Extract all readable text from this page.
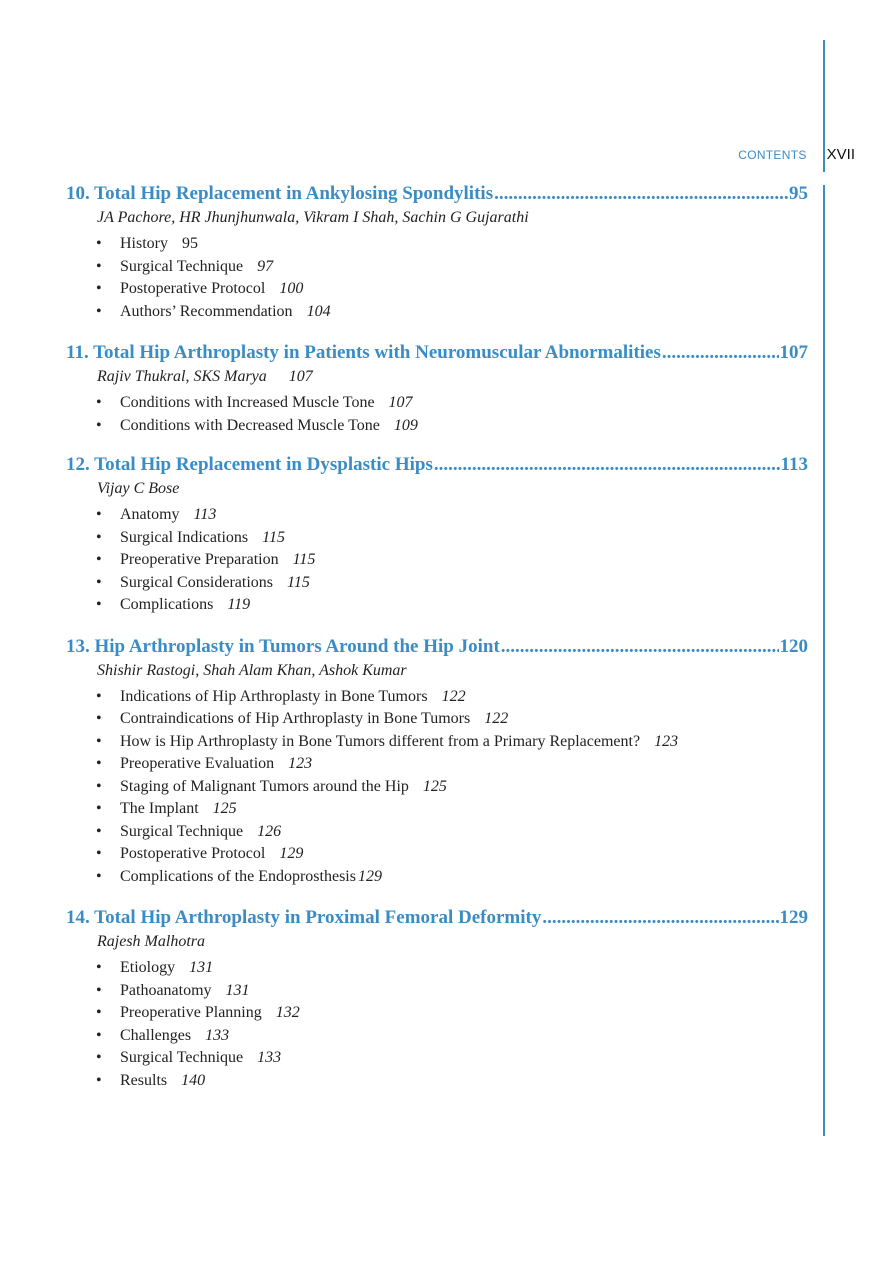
CONTENTS XVII
10. Total Hip Replacement in Ankylosing Spondylitis .....	95
JA Pachore, HR Jhunjhunwala, Vikram I Shah, Sachin G Gujarathi
• History 95
• Surgical Technique 97
• Postoperative Protocol 100
• Authors’ Recommendation 104
11. Total Hip Arthroplasty in Patients with Neuromuscular Abnormalities .....	107
Rajiv Thukral, SKS Marya 107
• Conditions with Increased Muscle Tone 107
• Conditions with Decreased Muscle Tone 109
12. Total Hip Replacement in Dysplastic Hips .....	113
Vijay C Bose
• Anatomy 113
• Surgical Indications 115
• Preoperative Preparation 115
• Surgical Considerations 115
• Complications 119
13. Hip Arthroplasty in Tumors Around the Hip Joint .....	120
Shishir Rastogi, Shah Alam Khan, Ashok Kumar
• Indications of Hip Arthroplasty in Bone Tumors 122
• Contraindications of Hip Arthroplasty in Bone Tumors 122
• How is Hip Arthroplasty in Bone Tumors different from a Primary Replacement? 123
• Preoperative Evaluation 123
• Staging of Malignant Tumors around the Hip 125
• The Implant 125
• Surgical Technique 126
• Postoperative Protocol 129
• Complications of the Endoprosthesis 129
14. Total Hip Arthroplasty in Proximal Femoral Deformity .....	129
Rajesh Malhotra
• Etiology 131
• Pathoanatomy 131
• Preoperative Planning 132
• Challenges 133
• Surgical Technique 133
• Results 140
